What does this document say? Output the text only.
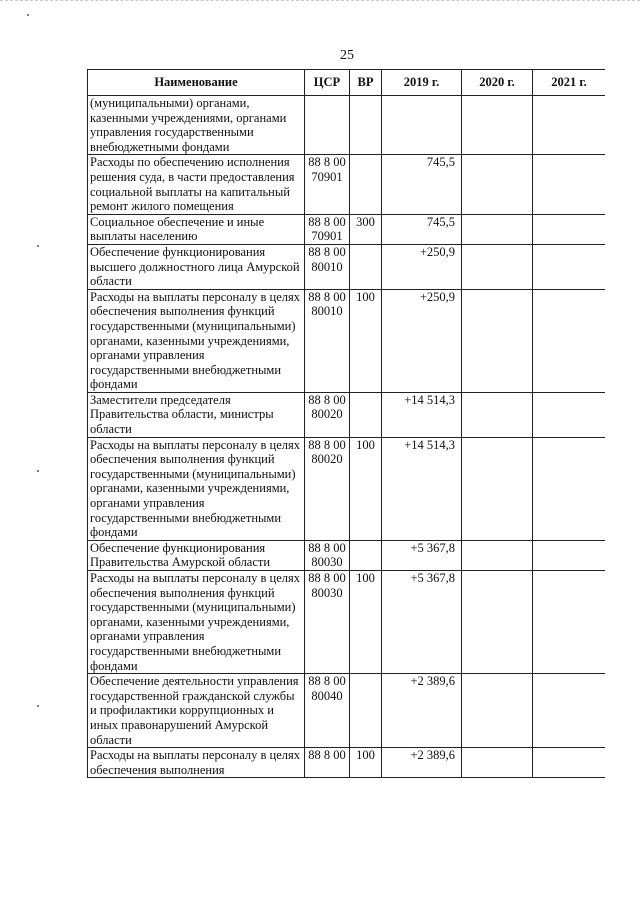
25
Наименование	ЦСР	ВР	2019 г.	2020 г.	2021 г.
(муниципальными) органами, казенными учреждениями, органами управления государственными внебюджетными фондами					
Расходы по обеспечению исполнения решения суда, в части предоставления социальной выплаты на капитальный ремонт жилого помещения	88 8 00 70901		745,5		
Социальное обеспечение и иные выплаты населению	88 8 00 70901	300	745,5		
Обеспечение функционирования высшего должностного лица Амурской области	88 8 00 80010		+250,9		
Расходы на выплаты персоналу в целях обеспечения выполнения функций государственными (муниципальными) органами, казенными учреждениями, органами управления государственными внебюджетными фондами	88 8 00 80010	100	+250,9		
Заместители председателя Правительства области, министры области	88 8 00 80020		+14 514,3		
Расходы на выплаты персоналу в целях обеспечения выполнения функций государственными (муниципальными) органами, казенными учреждениями, органами управления государственными внебюджетными фондами	88 8 00 80020	100	+14 514,3		
Обеспечение функционирования Правительства Амурской области	88 8 00 80030		+5 367,8		
Расходы на выплаты персоналу в целях обеспечения выполнения функций государственными (муниципальными) органами, казенными учреждениями, органами управления государственными внебюджетными фондами	88 8 00 80030	100	+5 367,8		
Обеспечение деятельности управления государственной гражданской службы и профилактики коррупционных и иных правонарушений Амурской области	88 8 00 80040		+2 389,6		
Расходы на выплаты персоналу в целях обеспечения выполнения	88 8 00	100	+2 389,6		
